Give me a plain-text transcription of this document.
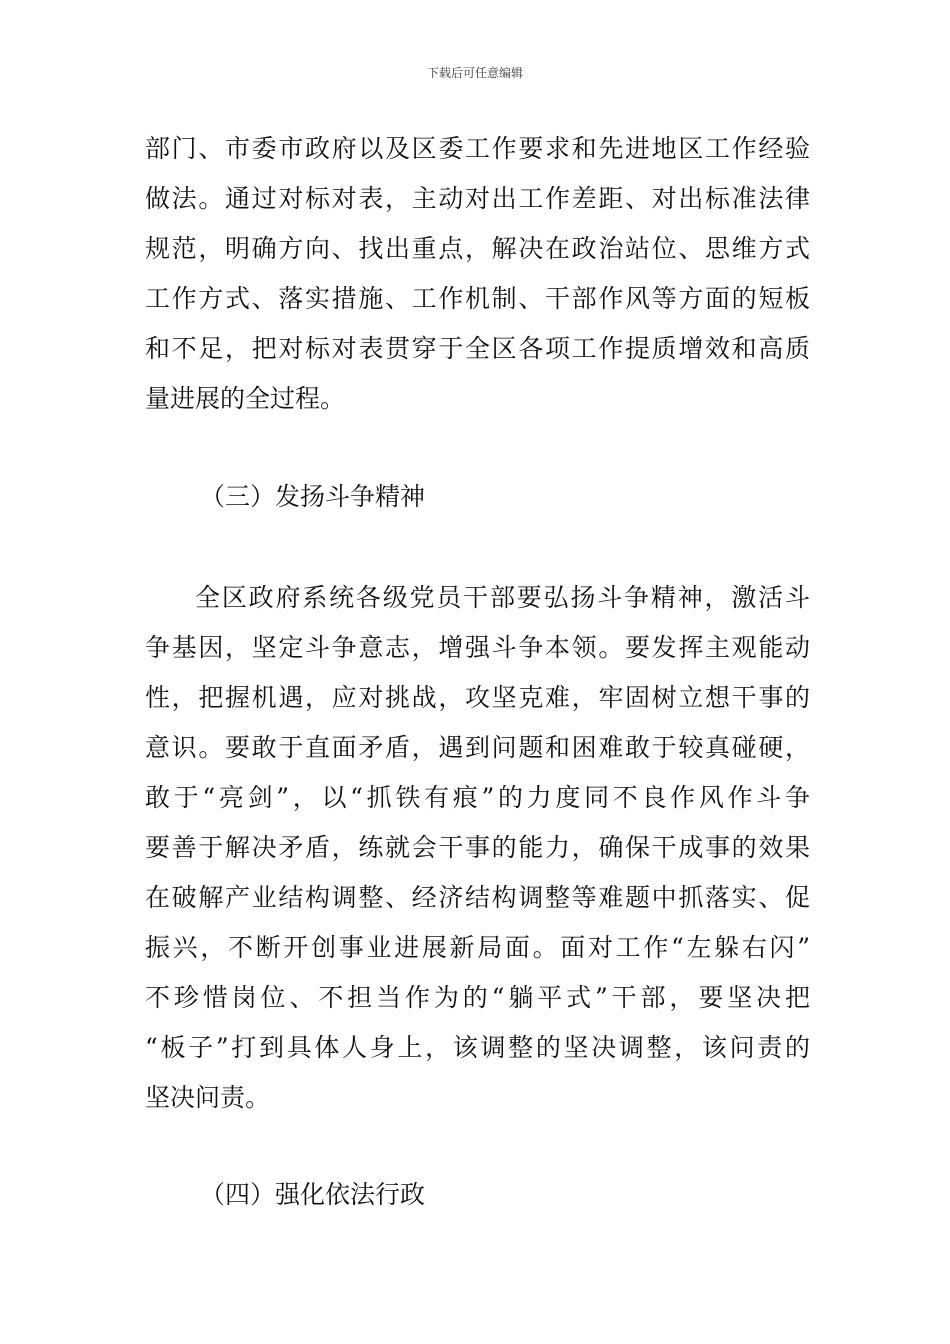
下载后可任意编辑
部门、市委市政府以及区委工作要求和先进地区工作经验
做法。通过对标对表，主动对出工作差距、对出标准法律
规范，明确方向、找出重点，解决在政治站位、思维方式
工作方式、落实措施、工作机制、干部作风等方面的短板
和不足，把对标对表贯穿于全区各项工作提质增效和高质
量进展的全过程。
（三）发扬斗争精神
全区政府系统各级党员干部要弘扬斗争精神，激活斗
争基因，坚定斗争意志，增强斗争本领。要发挥主观能动
性，把握机遇，应对挑战，攻坚克难，牢固树立想干事的
意识。要敢于直面矛盾，遇到问题和困难敢于较真碰硬，
敢于“亮剑”，以“抓铁有痕”的力度同不良作风作斗争
要善于解决矛盾，练就会干事的能力，确保干成事的效果
在破解产业结构调整、经济结构调整等难题中抓落实、促
振兴，不断开创事业进展新局面。面对工作“左躲右闪”
不珍惜岗位、不担当作为的“躺平式”干部，要坚决把
“板子”打到具体人身上，该调整的坚决调整，该问责的
坚决问责。
（四）强化依法行政
